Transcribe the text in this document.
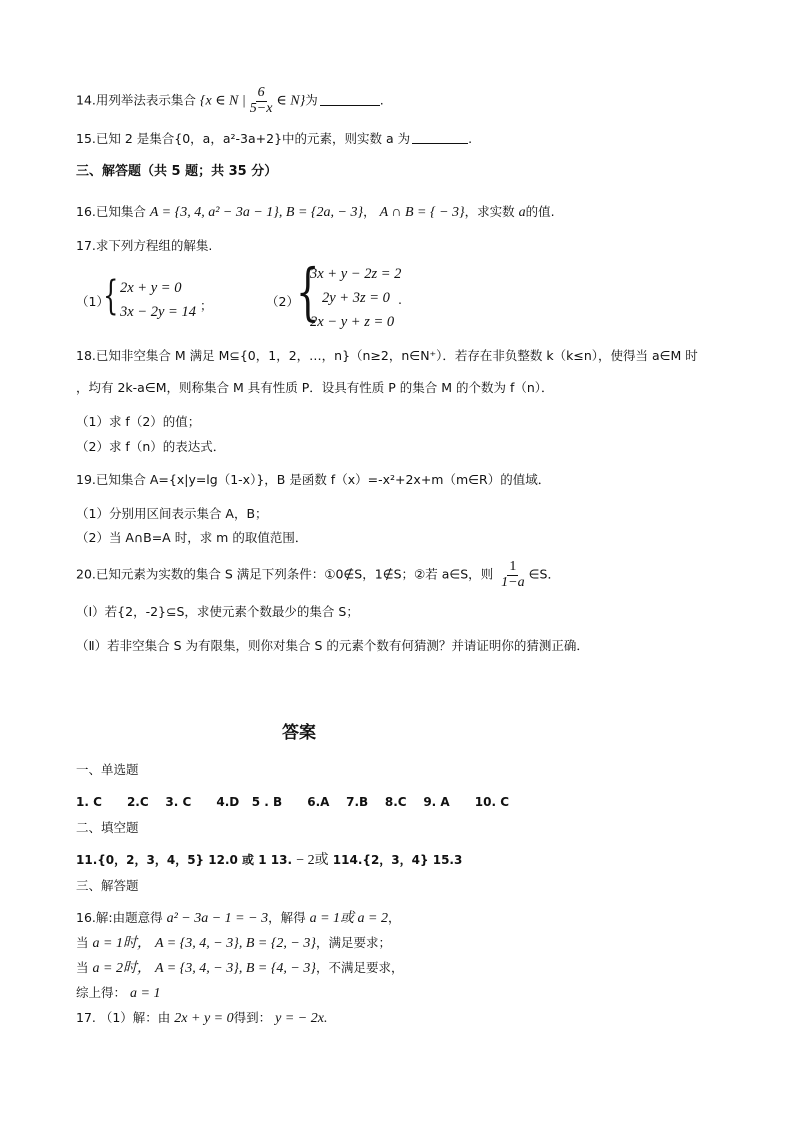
14.用列举法表示集合 {x ∈ N | $\frac{6}{5-x}$ ∈ N}为	.
15.已知 2 是集合{0，a，a²-3a+2}中的元素，则实数 a 为	.
三、解答题（共 5 题；共 35 分）
16.已知集合 A = {3, 4, a² − 3a − 1}, B = {2a, − 3}， A ∩ B = { − 3}，求实数 a的值.
17.求下列方程组的解集.
（1）
{ 2x + y = 0
3x − 2y = 14 ；	（2）
{
3x + y − 2z = 2
2y + 3z = 0
2x − y + z = 0
.
18.已知非空集合 M 满足 M⊆{0，1，2，…，n}（n≥2，n∈N⁺）．若存在非负整数 k（k≤n），使得当 a∈M 时
，均有 2k-a∈M，则称集合 M 具有性质 P．设具有性质 P 的集合 M 的个数为 f（n）．
（1）求 f（2）的值；
（2）求 f（n）的表达式．
19.已知集合 A={x|y=lg（1-x）}，B 是函数 f（x）=-x²+2x+m（m∈R）的值域．
（1）分别用区间表示集合 A，B；
（2）当 A∩B=A 时，求 m 的取值范围．
20.已知元素为实数的集合 S 满足下列条件：①0∉S，1∉S；②若 a∈S，则 $\frac{1}{1-a}$ ∈S．
（Ⅰ）若{2，-2}⊆S，求使元素个数最少的集合 S；
（Ⅱ）若非空集合 S 为有限集，则你对集合 S 的元素个数有何猜测？并请证明你的猜测正确．
答案
一、单选题
1. C      2.C    3. C      4.D   5 . B      6.A    7.B    8.C    9. A      10. C
二、填空题
11.{0，2，3，4，5} 12.0 或 1 13. − 2或 114.{2，3，4} 15.3
三、解答题
16.解:由题意得 a² − 3a − 1 = − 3，解得 a = 1或 a = 2，
当 a = 1时， A = {3, 4, − 3}, B = {2, − 3}，满足要求；
当 a = 2时， A = {3, 4, − 3}, B = {4, − 3}，不满足要求，
综上得： a = 1
17. （1）解：由 2x + y = 0得到： y = − 2x.
